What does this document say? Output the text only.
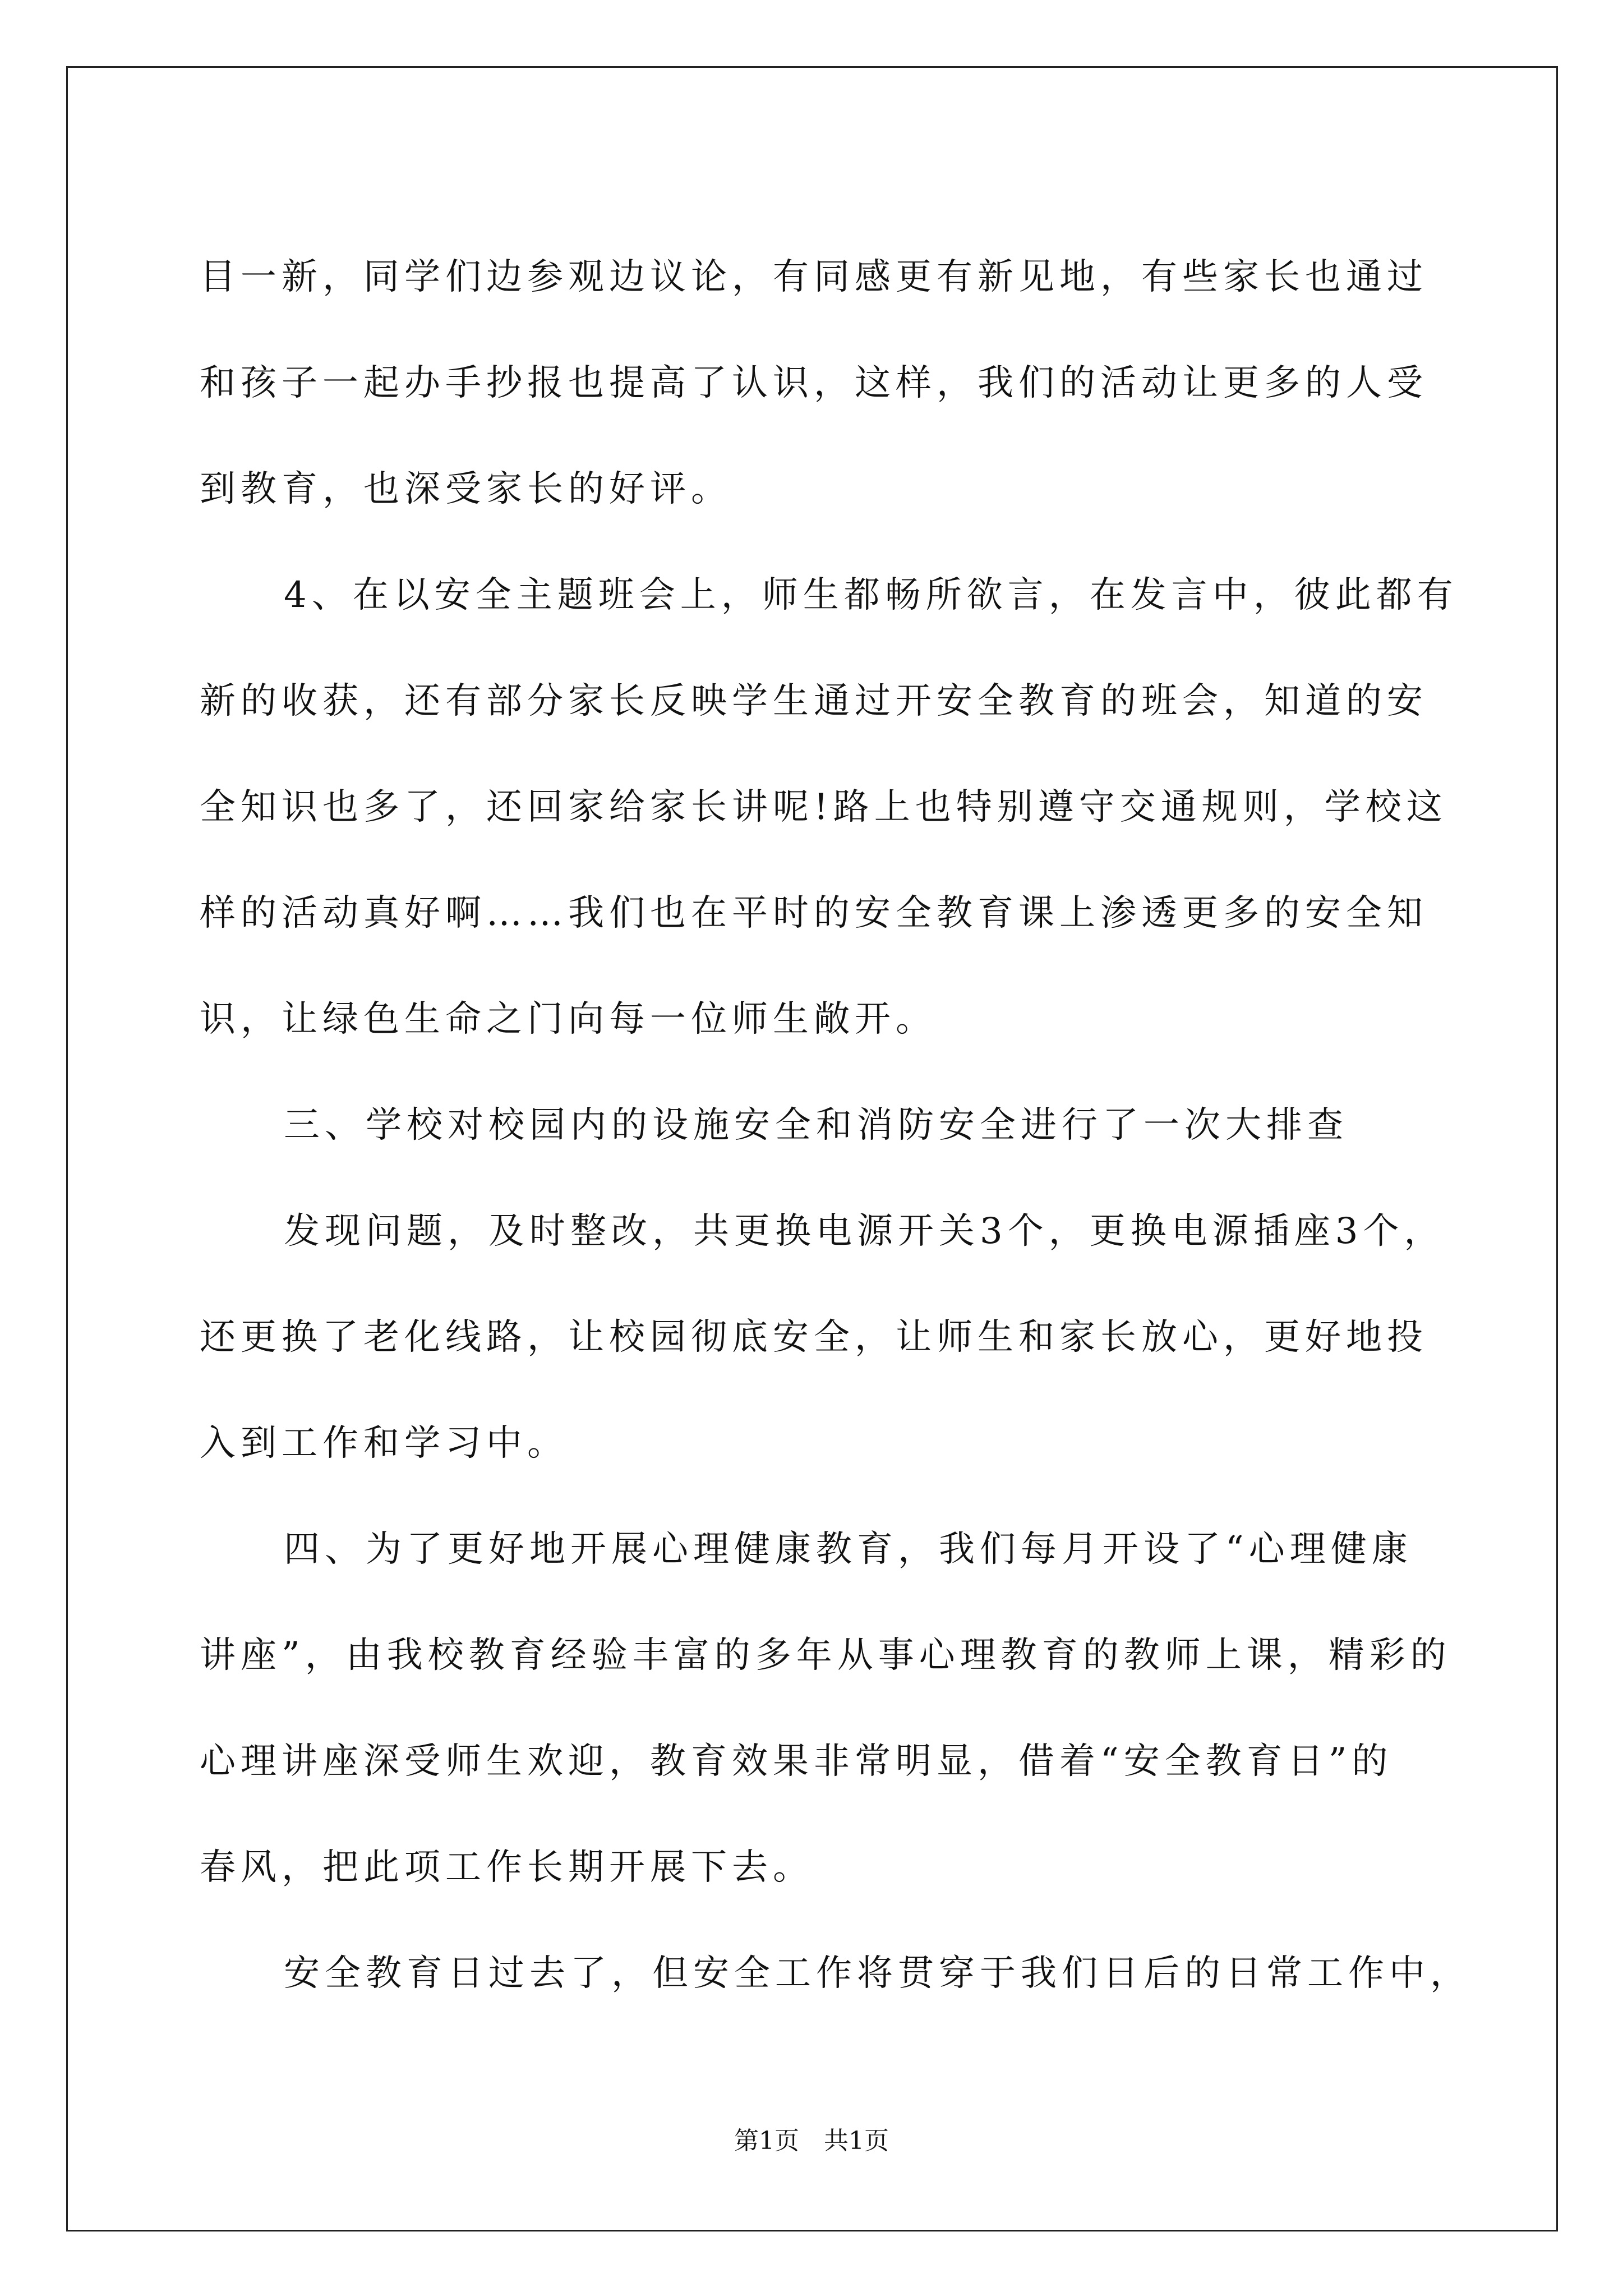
目一新，同学们边参观边议论，有同感更有新见地，有些家长也通过
和孩子一起办手抄报也提高了认识，这样，我们的活动让更多的人受
到教育，也深受家长的好评。
4、在以安全主题班会上，师生都畅所欲言，在发言中，彼此都有
新的收获，还有部分家长反映学生通过开安全教育的班会，知道的安
全知识也多了，还回家给家长讲呢!路上也特别遵守交通规则，学校这
样的活动真好啊……我们也在平时的安全教育课上渗透更多的安全知
识，让绿色生命之门向每一位师生敞开。
三、学校对校园内的设施安全和消防安全进行了一次大排查
发现问题，及时整改，共更换电源开关3个，更换电源插座3个，
还更换了老化线路，让校园彻底安全，让师生和家长放心，更好地投
入到工作和学习中。
四、为了更好地开展心理健康教育，我们每月开设了“心理健康
讲座”，由我校教育经验丰富的多年从事心理教育的教师上课，精彩的
心理讲座深受师生欢迎，教育效果非常明显，借着“安全教育日”的
春风，把此项工作长期开展下去。
安全教育日过去了，但安全工作将贯穿于我们日后的日常工作中，

第1页　共1页
